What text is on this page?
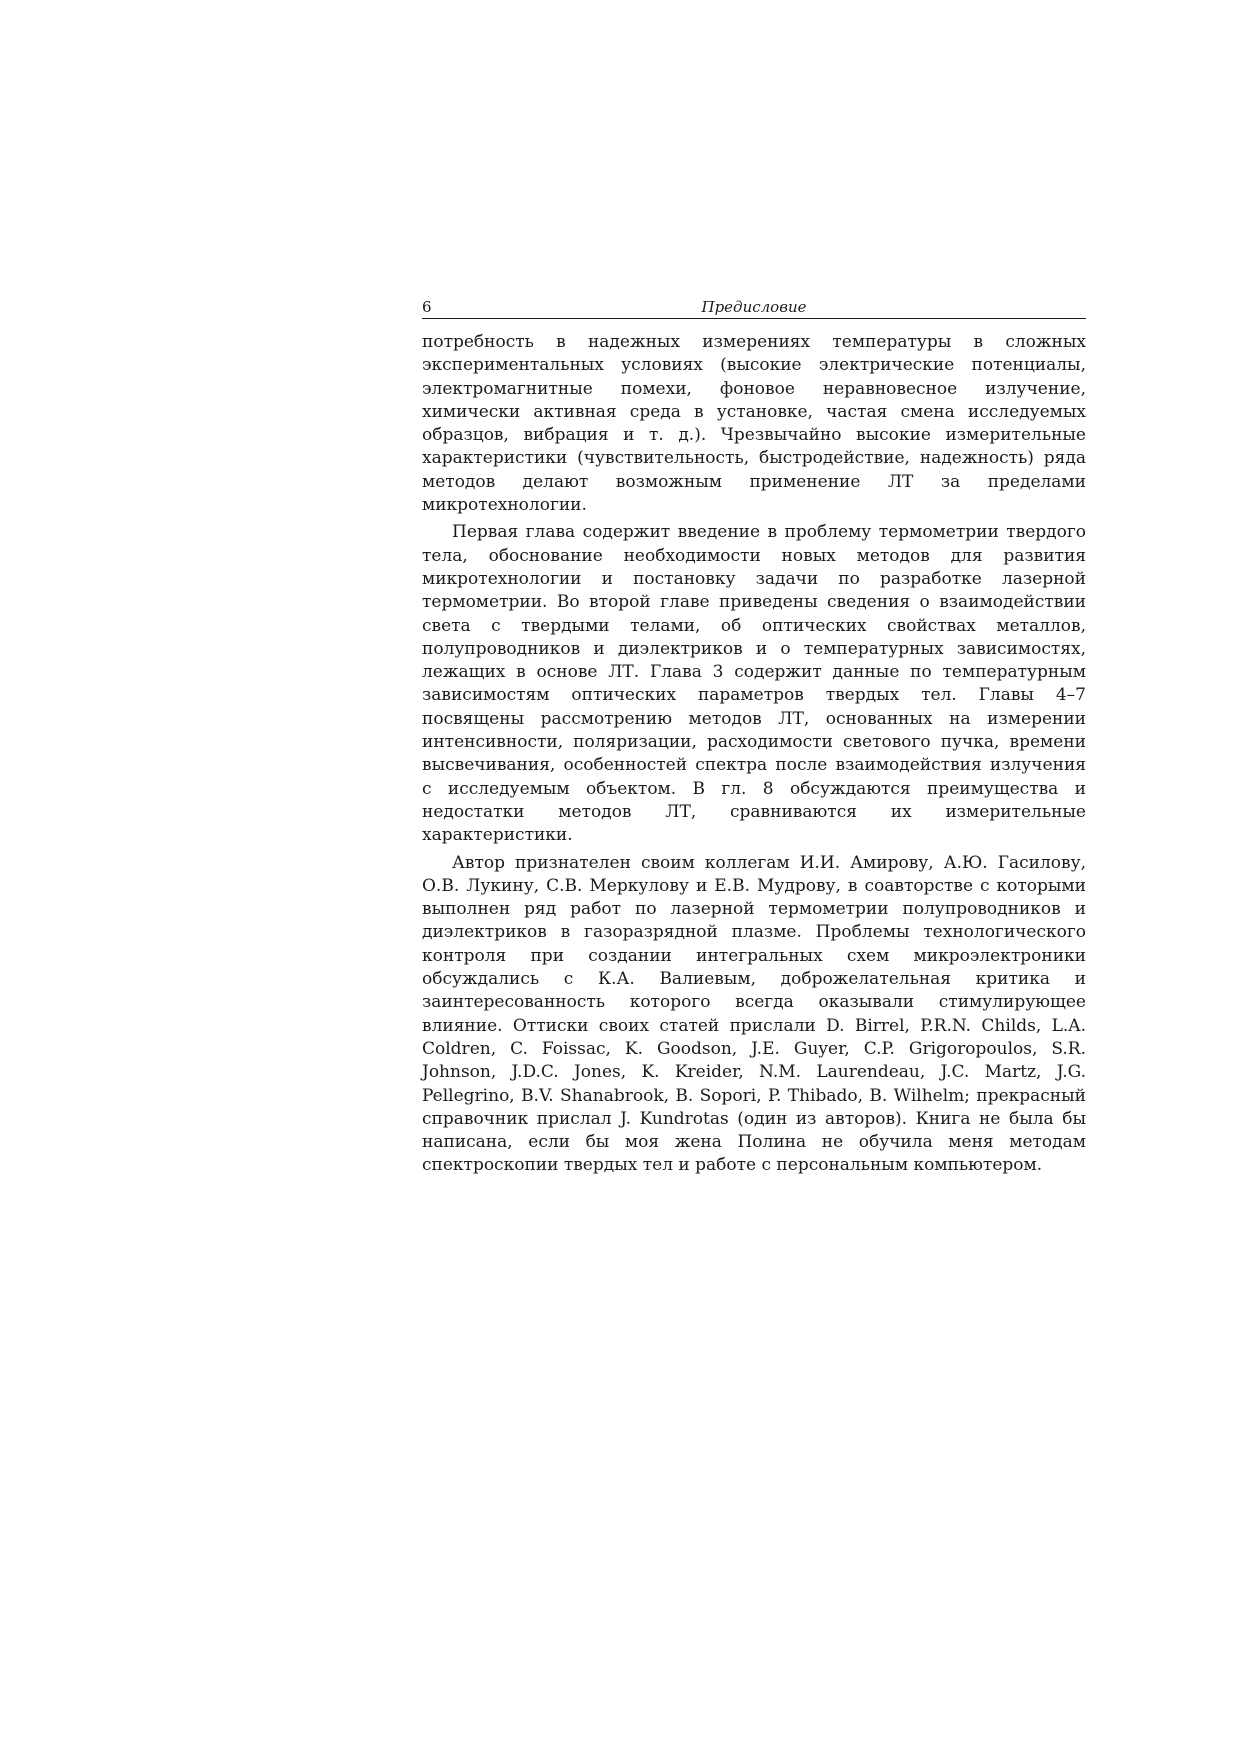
6	Предисловие

потребность в надежных измерениях температуры в сложных экспериментальных условиях (высокие электрические потенциалы, электромагнитные помехи, фоновое неравновесное излучение, химически активная среда в установке, частая смена исследуемых образцов, вибрация и т. д.). Чрезвычайно высокие измерительные характеристики (чувствительность, быстродействие, надежность) ряда методов делают возможным применение ЛТ за пределами микротехнологии.

Первая глава содержит введение в проблему термометрии твердого тела, обоснование необходимости новых методов для развития микротехнологии и постановку задачи по разработке лазерной термометрии. Во второй главе приведены сведения о взаимодействии света с твердыми телами, об оптических свойствах металлов, полупроводников и диэлектриков и о температурных зависимостях, лежащих в основе ЛТ. Глава 3 содержит данные по температурным зависимостям оптических параметров твердых тел. Главы 4–7 посвящены рассмотрению методов ЛТ, основанных на измерении интенсивности, поляризации, расходимости светового пучка, времени высвечивания, особенностей спектра после взаимодействия излучения с исследуемым объектом. В гл. 8 обсуждаются преимущества и недостатки методов ЛТ, сравниваются их измерительные характеристики.

Автор признателен своим коллегам И.И. Амирову, А.Ю. Гасилову, О.В. Лукину, С.В. Меркулову и Е.В. Мудрову, в соавторстве с которыми выполнен ряд работ по лазерной термометрии полупроводников и диэлектриков в газоразрядной плазме. Проблемы технологического контроля при создании интегральных схем микроэлектроники обсуждались с К.А. Валиевым, доброжелательная критика и заинтересованность которого всегда оказывали стимулирующее влияние. Оттиски своих статей прислали D. Birrel, P.R.N. Childs, L.A. Coldren, C. Foissac, K. Goodson, J.E. Guyer, C.P. Grigoropoulos, S.R. Johnson, J.D.C. Jones, K. Kreider, N.M. Laurendeau, J.C. Martz, J.G. Pellegrino, B.V. Shanabrook, B. Sopori, P. Thibado, B. Wilhelm; прекрасный справочник прислал J. Kundrotas (один из авторов). Книга не была бы написана, если бы моя жена Полина не обучила меня методам спектроскопии твердых тел и работе с персональным компьютером.
